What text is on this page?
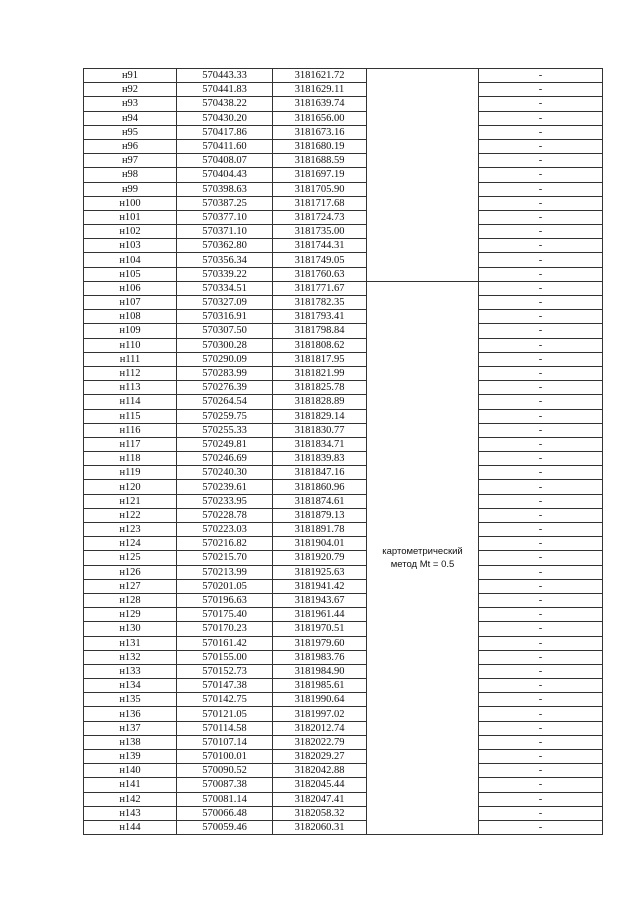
н91	570443.33	3181621.72		-
н92	570441.83	3181629.11		-
н93	570438.22	3181639.74		-
н94	570430.20	3181656.00		-
н95	570417.86	3181673.16		-
н96	570411.60	3181680.19		-
н97	570408.07	3181688.59		-
н98	570404.43	3181697.19		-
н99	570398.63	3181705.90		-
н100	570387.25	3181717.68		-
н101	570377.10	3181724.73		-
н102	570371.10	3181735.00		-
н103	570362.80	3181744.31		-
н104	570356.34	3181749.05		-
н105	570339.22	3181760.63		-
н106	570334.51	3181771.67	картометрический
метод Mt = 0.5	-
н107	570327.09	3181782.35		-
н108	570316.91	3181793.41		-
н109	570307.50	3181798.84		-
н110	570300.28	3181808.62		-
н111	570290.09	3181817.95		-
н112	570283.99	3181821.99		-
н113	570276.39	3181825.78		-
н114	570264.54	3181828.89		-
н115	570259.75	3181829.14		-
н116	570255.33	3181830.77		-
н117	570249.81	3181834.71		-
н118	570246.69	3181839.83		-
н119	570240.30	3181847.16		-
н120	570239.61	3181860.96		-
н121	570233.95	3181874.61		-
н122	570228.78	3181879.13		-
н123	570223.03	3181891.78		-
н124	570216.82	3181904.01		-
н125	570215.70	3181920.79		-
н126	570213.99	3181925.63		-
н127	570201.05	3181941.42		-
н128	570196.63	3181943.67		-
н129	570175.40	3181961.44		-
н130	570170.23	3181970.51		-
н131	570161.42	3181979.60		-
н132	570155.00	3181983.76		-
н133	570152.73	3181984.90		-
н134	570147.38	3181985.61		-
н135	570142.75	3181990.64		-
н136	570121.05	3181997.02		-
н137	570114.58	3182012.74		-
н138	570107.14	3182022.79		-
н139	570100.01	3182029.27		-
н140	570090.52	3182042.88		-
н141	570087.38	3182045.44		-
н142	570081.14	3182047.41		-
н143	570066.48	3182058.32		-
н144	570059.46	3182060.31		-
